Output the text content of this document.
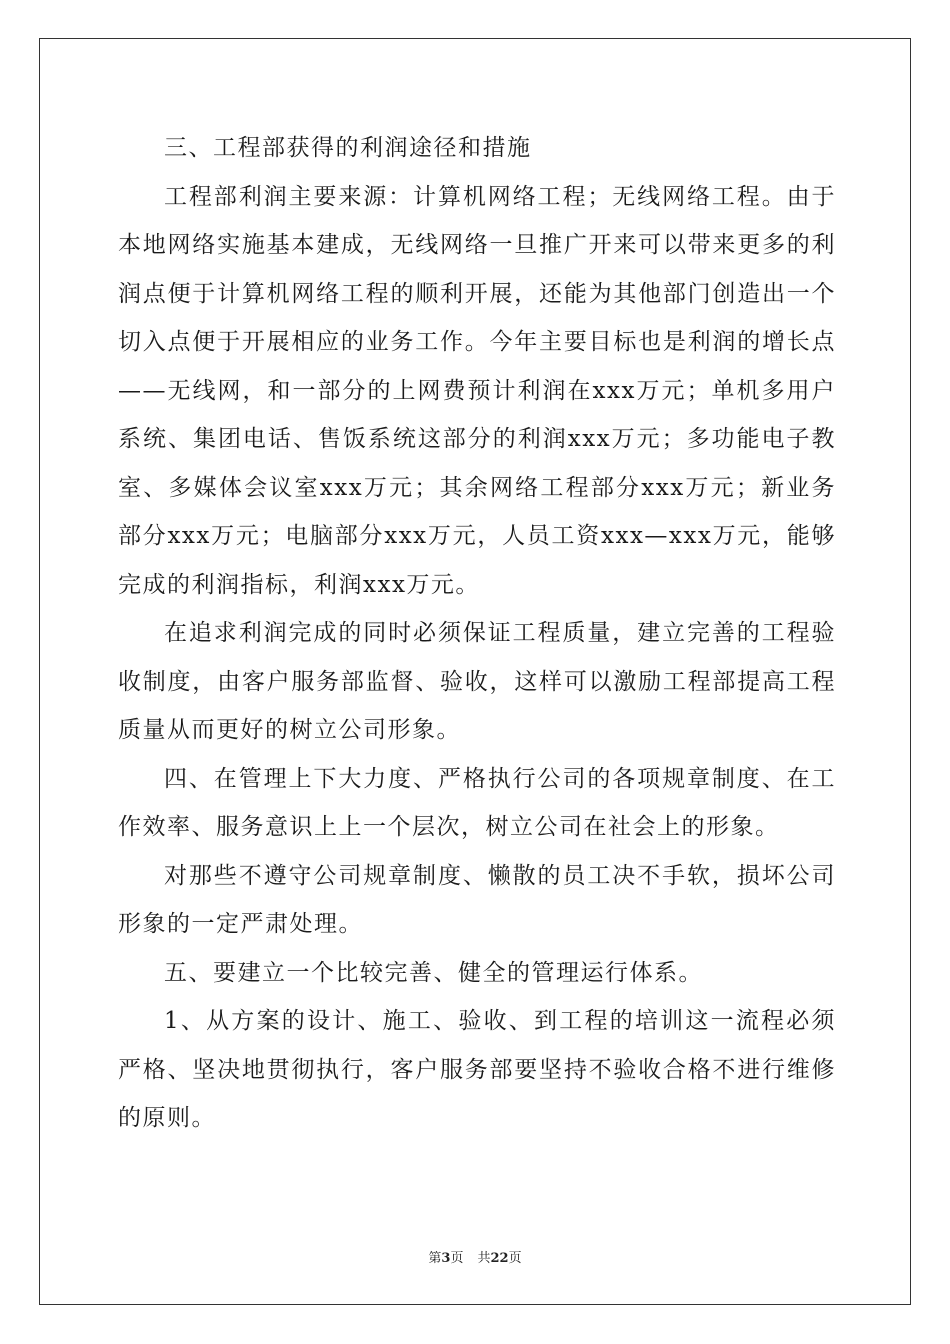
三、工程部获得的利润途径和措施

工程部利润主要来源：计算机网络工程；无线网络工程。由于本地网络实施基本建成，无线网络一旦推广开来可以带来更多的利润点便于计算机网络工程的顺利开展，还能为其他部门创造出一个切入点便于开展相应的业务工作。今年主要目标也是利润的增长点——无线网，和一部分的上网费预计利润在xxx万元；单机多用户系统、集团电话、售饭系统这部分的利润xxx万元；多功能电子教室、多媒体会议室xxx万元；其余网络工程部分xxx万元；新业务部分xxx万元；电脑部分xxx万元，人员工资xxx—xxx万元，能够完成的利润指标，利润xxx万元。

在追求利润完成的同时必须保证工程质量，建立完善的工程验收制度，由客户服务部监督、验收，这样可以激励工程部提高工程质量从而更好的树立公司形象。

四、在管理上下大力度、严格执行公司的各项规章制度、在工作效率、服务意识上上一个层次，树立公司在社会上的形象。

对那些不遵守公司规章制度、懒散的员工决不手软，损坏公司形象的一定严肃处理。

五、要建立一个比较完善、健全的管理运行体系。

1、从方案的设计、施工、验收、到工程的培训这一流程必须严格、坚决地贯彻执行，客户服务部要坚持不验收合格不进行维修的原则。

第3页 共22页
